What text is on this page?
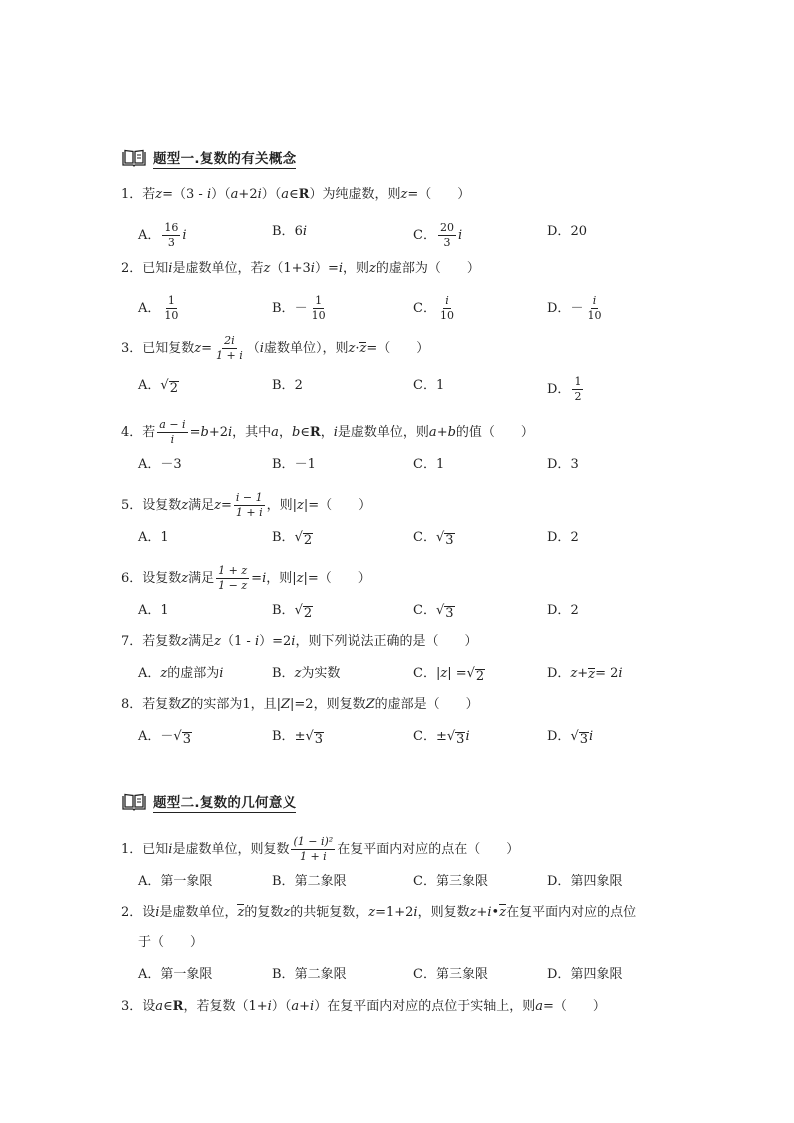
题型一.复数的有关概念
1．若z=（3 - i）（a+2i）（a∈R）为纯虚数，则z=（　　）
A． $\frac{16}{3}$ i	B． 6 i	C． $\frac{20}{3}$ i	D． 20
2．已知i是虚数单位，若z（1+3i）=i，则z的虚部为（　　）
A． $\frac{1}{10}$	B． － $\frac{1}{10}$	C． $\frac{i}{10}$	D． － $\frac{i}{10}$
3．已知复数 $z = \frac{2i}{1 + i}$ （ i 虚数单位），则 z · z =（　　）
A． √ 2	B． 2	C． 1	D． $\frac{1}{2}$
4．若 $\frac{a - i}{i} = b +2$ i ，其中 a ， b ∈ R ， i 是虚数单位，则 a + b 的值（　　）
A． －3	B． －1	C． 1	D． 3
5．设复数 z 满足 $z = \frac{i - 1}{1 + i}$ ，则| z |=（　　）
A． 1	B． √ 2	C． √ 3	D． 2
6．设复数 z 满足 $\frac{1 + z}{1 - z} = i$ ，则| z |=（　　）
A． 1	B． √ 2	C． √ 3	D． 2
7．若复数z满足z（1 - i）=2i，则下列说法正确的是（　　）
A． z 的虚部为 i	B． z 为实数	C． | z | = √ 2	D． z + z = 2 i
8．若复数Z的实部为1，且|Z|=2，则复数Z的虚部是（　　）
A． － √ 3	B． ± √ 3	C． ± √ 3 i	D． √ 3 i
题型二.复数的几何意义
1．已知 i 是虚数单位，则复数 $\frac{\text{(1 − i)²}}{1 + i}$ 在复平面内对应的点在（　　）
A． 第一象限	B． 第二象限	C． 第三象限	D． 第四象限
2．设i是虚数单位，z的复数z的共轭复数，z=1+2i，则复数z+i•z在复平面内对应的点位
于（　　）
A． 第一象限	B． 第二象限	C． 第三象限	D． 第四象限
3．设a∈R，若复数（1+i）（a+i）在复平面内对应的点位于实轴上，则a=（　　）
